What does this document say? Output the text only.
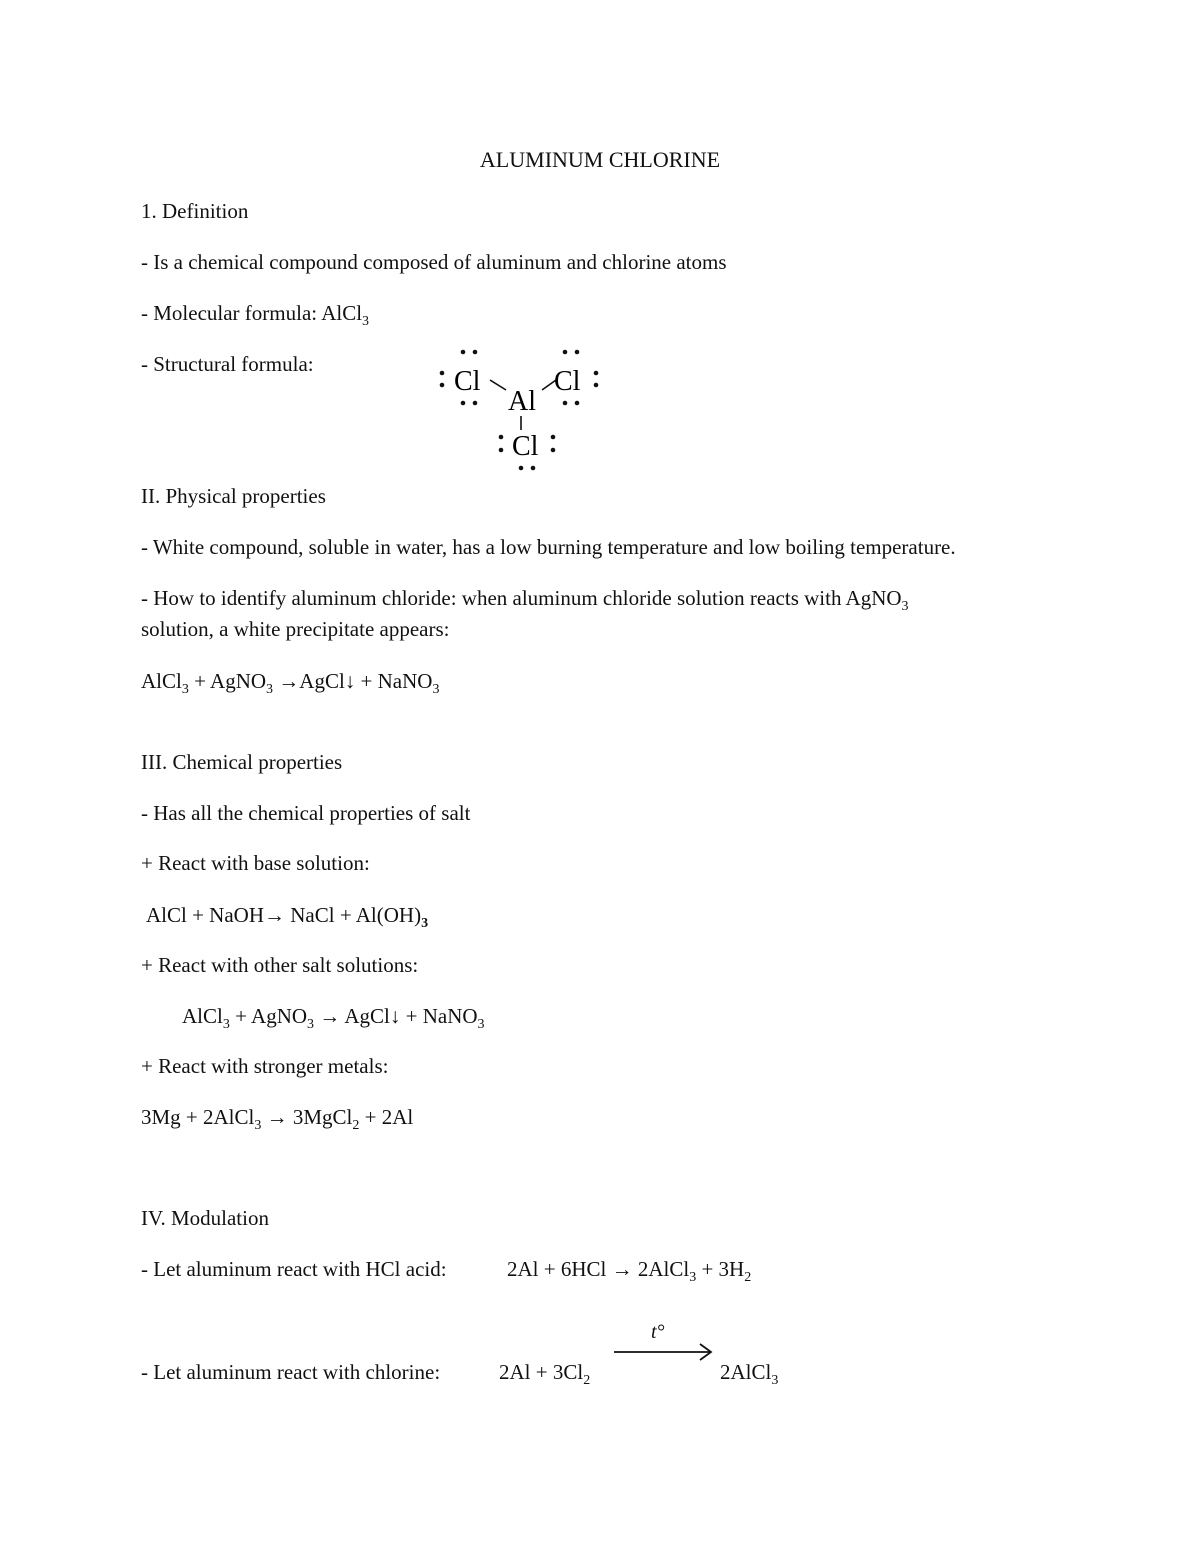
ALUMINUM CHLORINE
1. Definition
- Is a chemical compound composed of aluminum and chlorine atoms
- Molecular formula: AlCl$_3$
- Structural formula:
Cl
Al
Cl
Cl
II. Physical properties
- White compound, soluble in water, has a low burning temperature and low boiling temperature.
- How to identify aluminum chloride: when aluminum chloride solution reacts with AgNO$_3$
solution, a white precipitate appears:
AlCl$_3$ + AgNO$_3$ →AgCl↓ + NaNO$_3$
III. Chemical properties
- Has all the chemical properties of salt
+ React with base solution:
AlCl + NaOH→ NaCl + $Al(OH)_3$
+ React with other salt solutions:
AlCl$_3$ + AgNO$_3$ → AgCl↓ + NaNO$_3$
+ React with stronger metals:
3Mg + 2AlCl$_3$ → 3MgCl$_2$ + 2Al
IV. Modulation
- Let aluminum react with HCl acid:	2Al + 6HCl → 2AlCl$_3$ + $3H_2$
- Let aluminum react with chlorine:	$2Al + 3Cl_2$
t°
2AlCl$_3$
